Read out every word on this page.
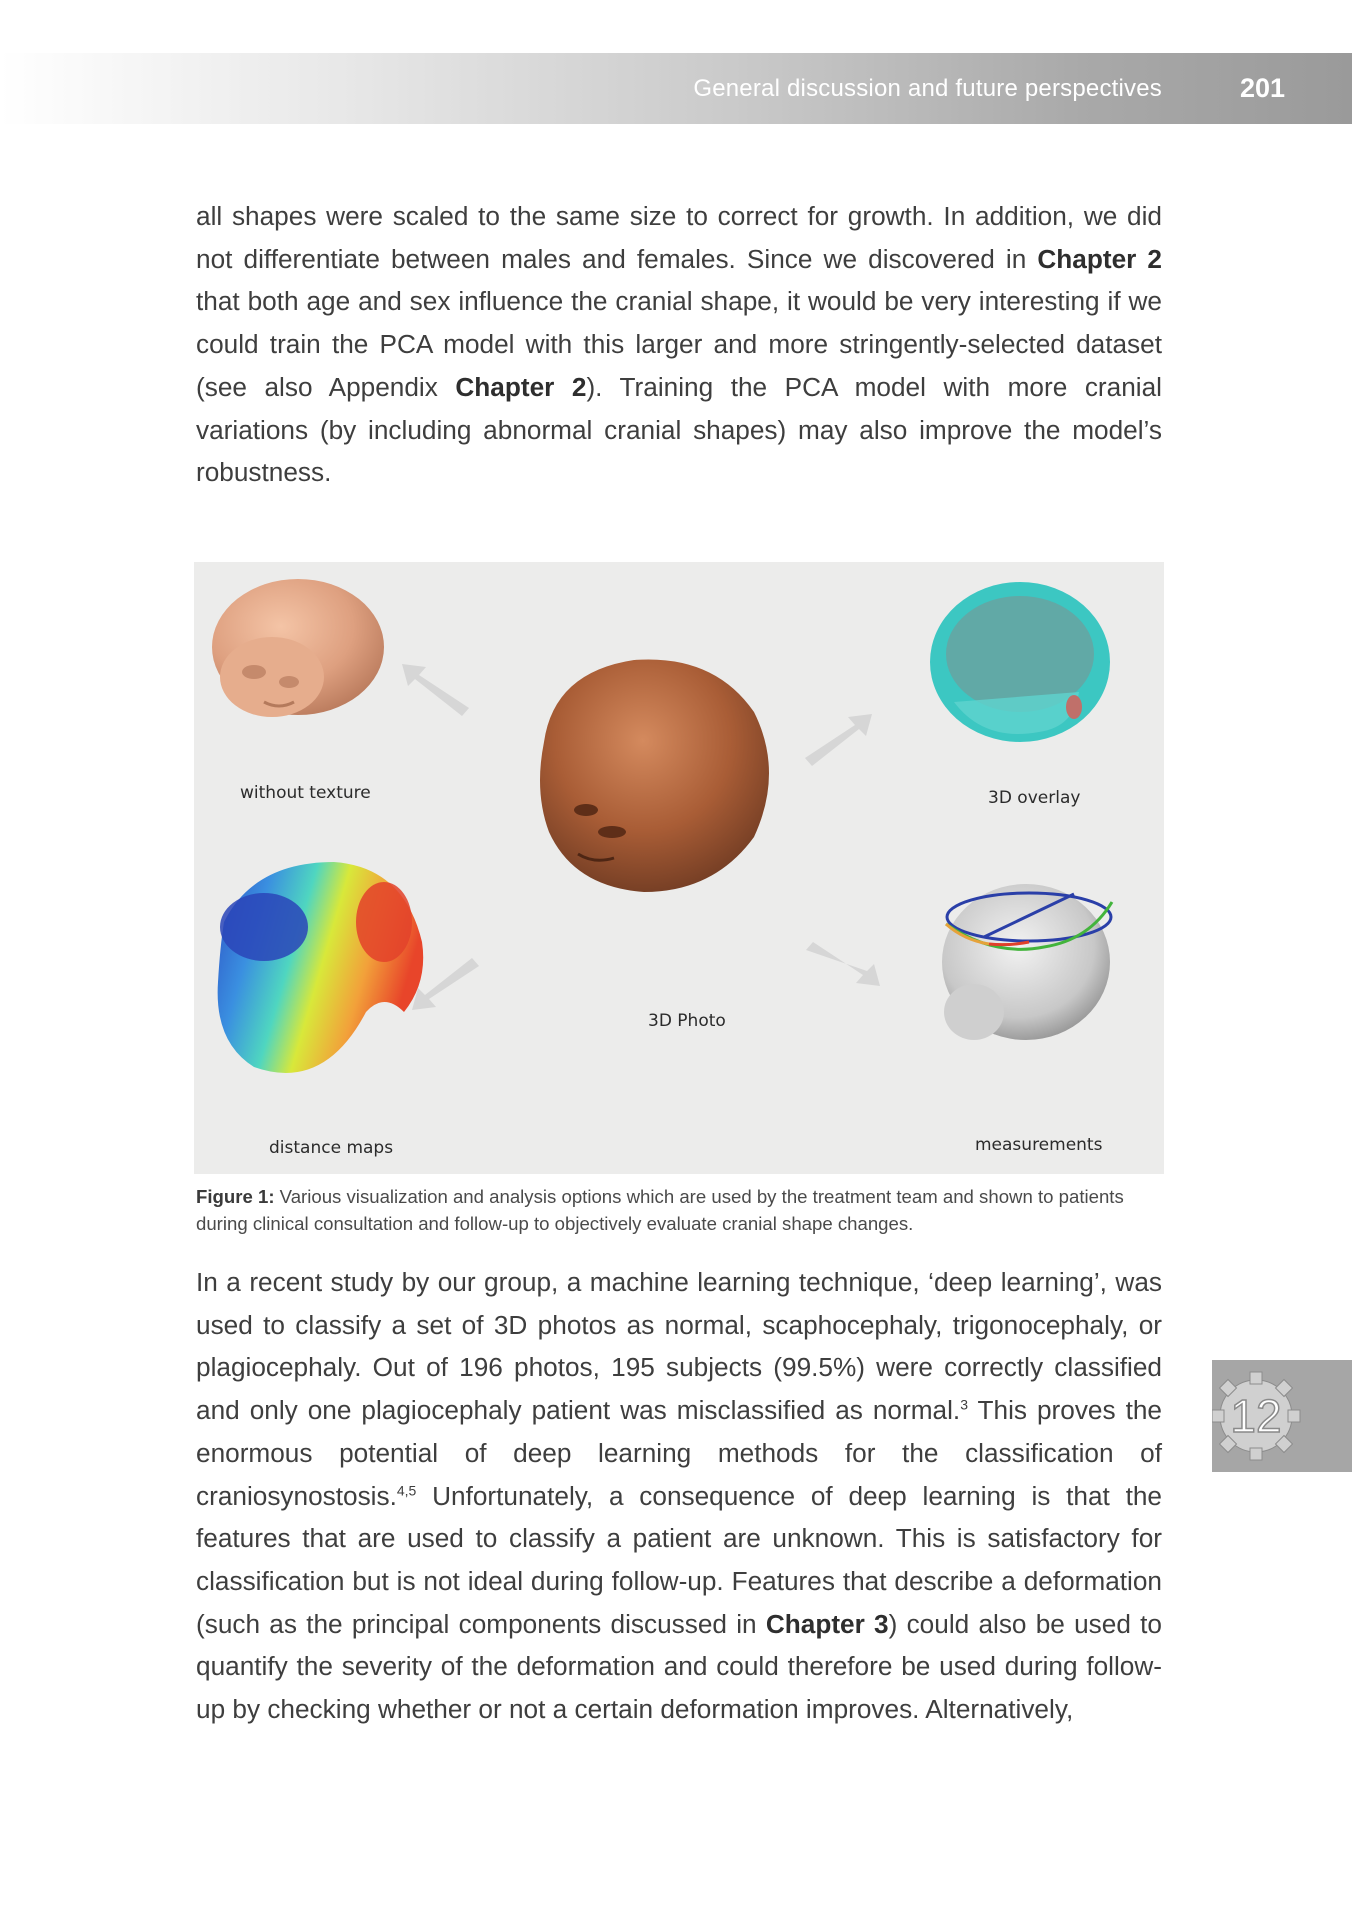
General discussion and future perspectives	201

all shapes were scaled to the same size to correct for growth. In addition, we did not differentiate between males and females. Since we discovered in Chapter 2 that both age and sex influence the cranial shape, it would be very interesting if we could train the PCA model with this larger and more stringently-selected dataset (see also Appendix Chapter 2). Training the PCA model with more cranial variations (by including abnormal cranial shapes) may also improve the model’s robustness.

without texture	3D overlay
3D Photo
distance maps	measurements

Figure 1: Various visualization and analysis options which are used by the treatment team and shown to patients during clinical consultation and follow-up to objectively evaluate cranial shape changes.

In a recent study by our group, a machine learning technique, ‘deep learning’, was used to classify a set of 3D photos as normal, scaphocephaly, trigonocephaly, or plagiocephaly. Out of 196 photos, 195 subjects (99.5%) were correctly classified and only one plagiocephaly patient was misclassified as normal.$^3$ This proves the enormous potential of deep learning methods for the classification of craniosynostosis.$^{4,5}$ Unfortunately, a consequence of deep learning is that the features that are used to classify a patient are unknown. This is satisfactory for classification but is not ideal during follow-up. Features that describe a deformation (such as the principal components discussed in Chapter 3) could also be used to quantify the severity of the deformation and could therefore be used during follow-up by checking whether or not a certain deformation improves. Alternatively,

12
